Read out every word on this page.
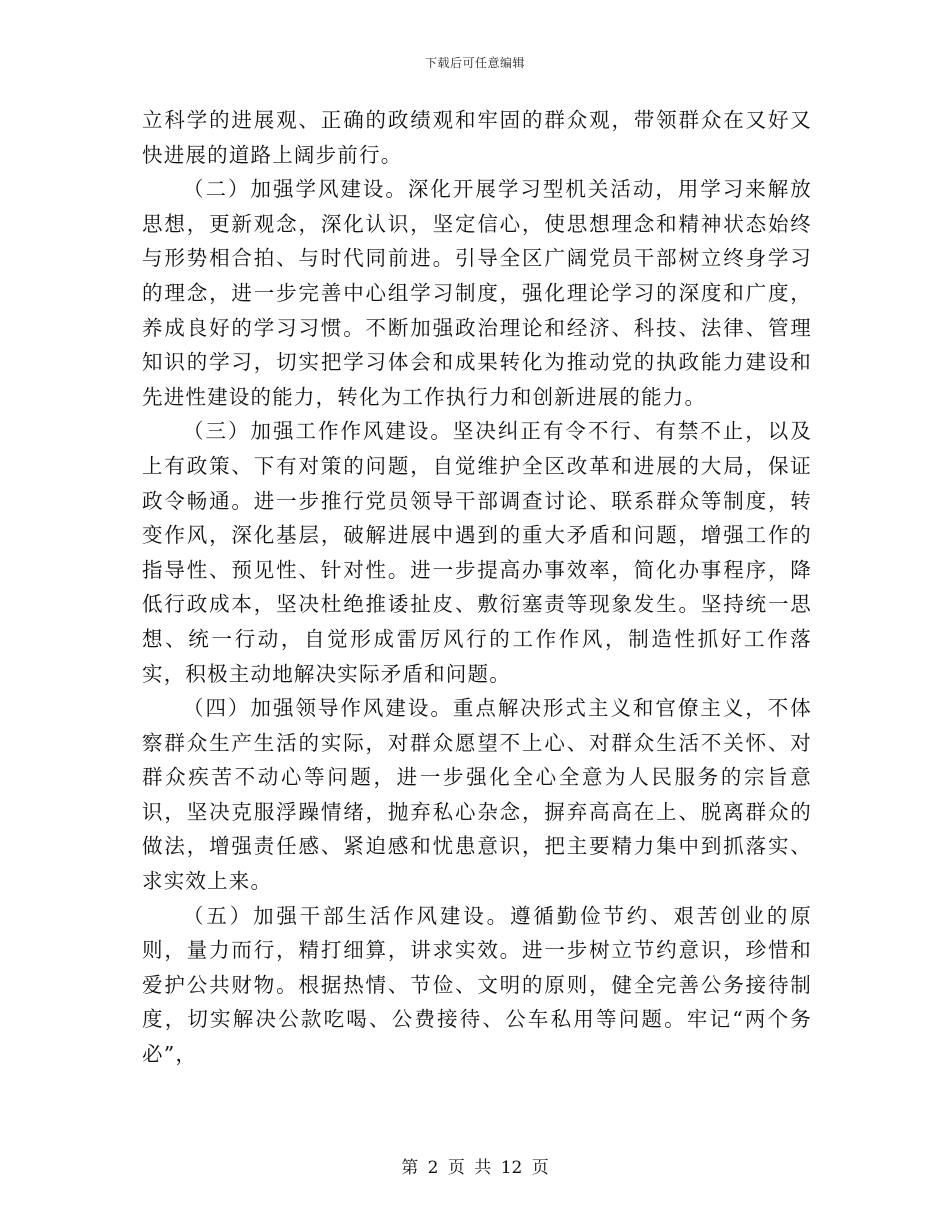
下载后可任意编辑

立科学的进展观、正确的政绩观和牢固的群众观，带领群众在又好又快进展的道路上阔步前行。

（二）加强学风建设。深化开展学习型机关活动，用学习来解放思想，更新观念，深化认识，坚定信心，使思想理念和精神状态始终与形势相合拍、与时代同前进。引导全区广阔党员干部树立终身学习的理念，进一步完善中心组学习制度，强化理论学习的深度和广度，养成良好的学习习惯。不断加强政治理论和经济、科技、法律、管理知识的学习，切实把学习体会和成果转化为推动党的执政能力建设和先进性建设的能力，转化为工作执行力和创新进展的能力。

（三）加强工作作风建设。坚决纠正有令不行、有禁不止，以及上有政策、下有对策的问题，自觉维护全区改革和进展的大局，保证政令畅通。进一步推行党员领导干部调查讨论、联系群众等制度，转变作风，深化基层，破解进展中遇到的重大矛盾和问题，增强工作的指导性、预见性、针对性。进一步提高办事效率，简化办事程序，降低行政成本，坚决杜绝推诿扯皮、敷衍塞责等现象发生。坚持统一思想、统一行动，自觉形成雷厉风行的工作作风，制造性抓好工作落实，积极主动地解决实际矛盾和问题。

（四）加强领导作风建设。重点解决形式主义和官僚主义，不体察群众生产生活的实际，对群众愿望不上心、对群众生活不关怀、对群众疾苦不动心等问题，进一步强化全心全意为人民服务的宗旨意识，坚决克服浮躁情绪，抛弃私心杂念，摒弃高高在上、脱离群众的做法，增强责任感、紧迫感和忧患意识，把主要精力集中到抓落实、求实效上来。

（五）加强干部生活作风建设。遵循勤俭节约、艰苦创业的原则，量力而行，精打细算，讲求实效。进一步树立节约意识，珍惜和爱护公共财物。根据热情、节俭、文明的原则，健全完善公务接待制度，切实解决公款吃喝、公费接待、公车私用等问题。牢记“两个务必”，

第 2 页 共 12 页
